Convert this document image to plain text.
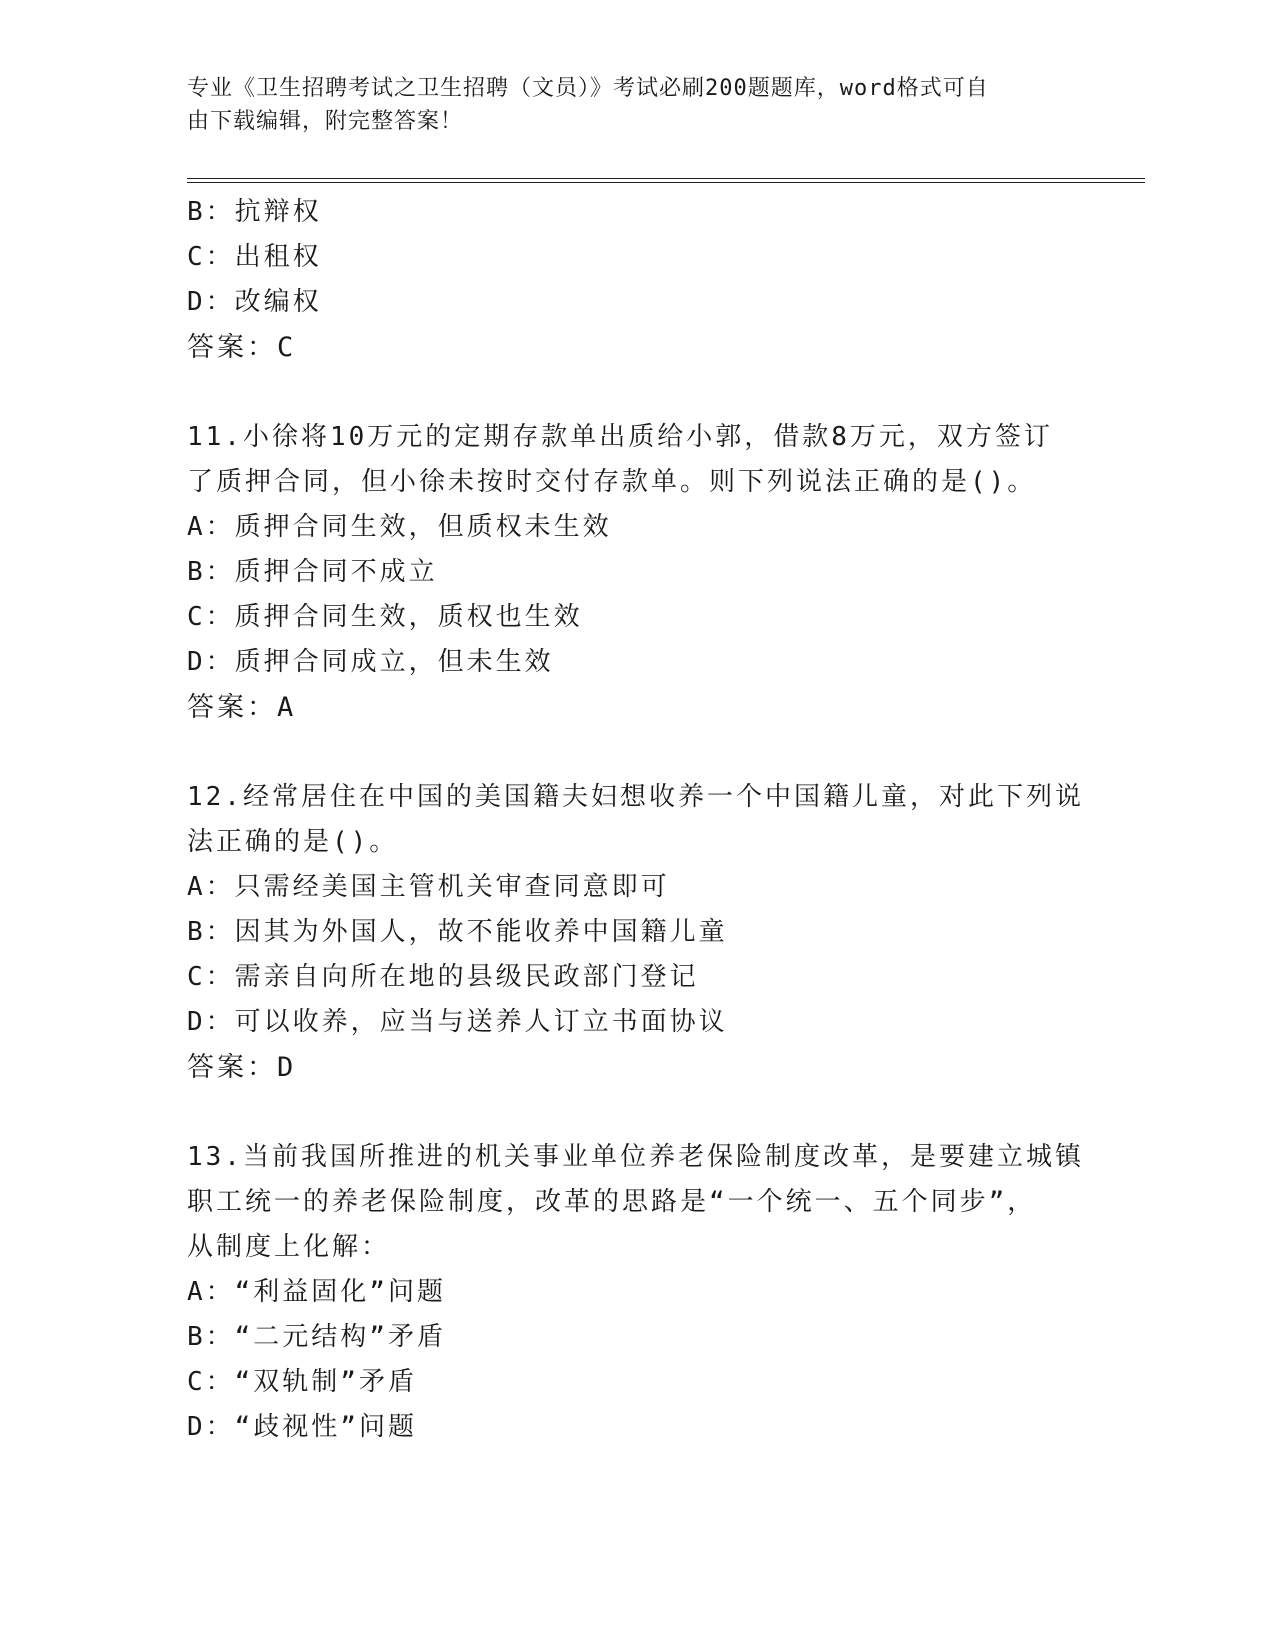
专业《卫生招聘考试之卫生招聘（文员）》考试必刷200题题库，word格式可自
由下载编辑，附完整答案！
B：抗辩权
C：出租权
D：改编权
答案：C
11.小徐将10万元的定期存款单出质给小郭，借款8万元，双方签订
了质押合同，但小徐未按时交付存款单。则下列说法正确的是()。
A：质押合同生效，但质权未生效
B：质押合同不成立
C：质押合同生效，质权也生效
D：质押合同成立，但未生效
答案：A
12.经常居住在中国的美国籍夫妇想收养一个中国籍儿童，对此下列说
法正确的是()。
A：只需经美国主管机关审查同意即可
B：因其为外国人，故不能收养中国籍儿童
C：需亲自向所在地的县级民政部门登记
D：可以收养，应当与送养人订立书面协议
答案：D
13.当前我国所推进的机关事业单位养老保险制度改革，是要建立城镇
职工统一的养老保险制度，改革的思路是“一个统一、五个同步”，
从制度上化解：
A：“利益固化”问题
B：“二元结构”矛盾
C：“双轨制”矛盾
D：“歧视性”问题
